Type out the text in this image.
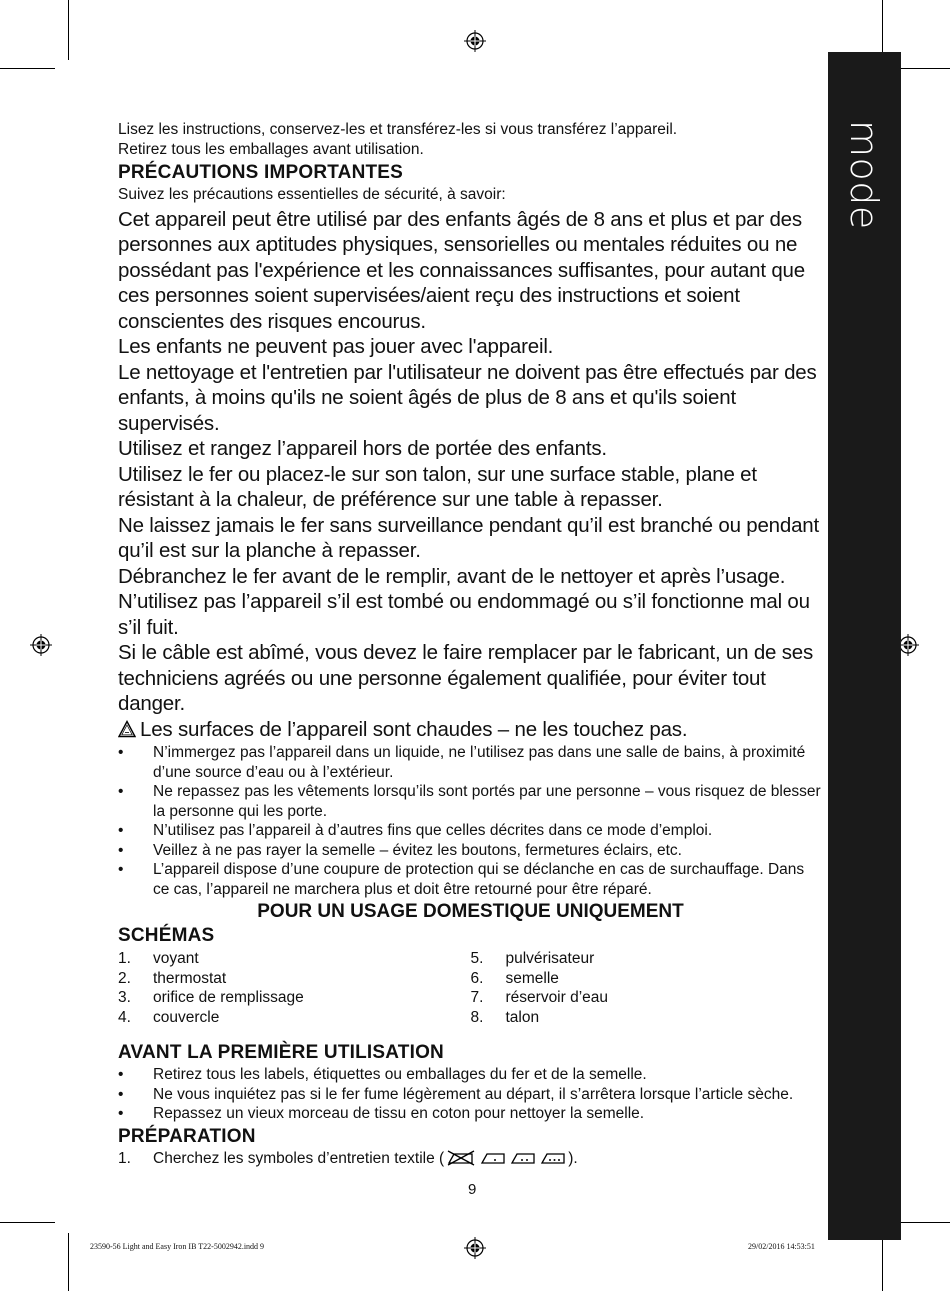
mode d’emploi
Lisez les instructions, conservez-les et transférez-les si vous transférez l’appareil.
Retirez tous les emballages avant utilisation.
PRÉCAUTIONS IMPORTANTES
Suivez les précautions essentielles de sécurité, à savoir:
Cet appareil peut être utilisé par des enfants âgés de 8 ans et plus et par des personnes aux aptitudes physiques, sensorielles ou mentales réduites ou ne possédant pas l'expérience et les connaissances suffisantes, pour autant que ces personnes soient supervisées/aient reçu des instructions et soient conscientes des risques encourus.
Les enfants ne peuvent pas jouer avec l'appareil.
Le nettoyage et l'entretien par l'utilisateur ne doivent pas être effectués par des enfants, à moins qu'ils ne soient âgés de plus de 8 ans et qu'ils soient supervisés.
Utilisez et rangez l’appareil hors de portée des enfants.
Utilisez le fer ou placez-le sur son talon, sur une surface stable, plane et résistant à la chaleur, de préférence sur une table à repasser.
Ne laissez jamais le fer sans surveillance pendant qu’il est branché ou pendant qu’il est sur la planche à repasser.
Débranchez le fer avant de le remplir, avant de le nettoyer et après l’usage.
N’utilisez pas l’appareil s’il est tombé ou endommagé ou s’il fonctionne mal ou s’il fuit.
Si le câble est abîmé, vous devez le faire remplacer par le fabricant, un de ses techniciens agréés ou une personne également qualifiée, pour éviter tout danger.
Les surfaces de l’appareil sont chaudes – ne les touchez pas.
• N’immergez pas l’appareil dans un liquide, ne l’utilisez pas dans une salle de bains, à proximité d’une source d’eau ou à l’extérieur.
• Ne repassez pas les vêtements lorsqu’ils sont portés par une personne – vous risquez de blesser la personne qui les porte.
• N’utilisez pas l’appareil à d’autres fins que celles décrites dans ce mode d’emploi.
• Veillez à ne pas rayer la semelle – évitez les boutons, fermetures éclairs, etc.
• L’appareil dispose d’une coupure de protection qui se déclanche en cas de surchauffage. Dans ce cas, l’appareil ne marchera plus et doit être retourné pour être réparé.
POUR UN USAGE DOMESTIQUE UNIQUEMENT
SCHÉMAS
1.	voyant
2.	thermostat
3.	orifice de remplissage
4.	couvercle
5.	pulvérisateur
6.	semelle
7.	réservoir d’eau
8.	talon
AVANT LA PREMIÈRE UTILISATION
• Retirez tous les labels, étiquettes ou emballages du fer et de la semelle.
• Ne vous inquiétez pas si le fer fume légèrement au départ, il s’arrêtera lorsque l’article sèche.
• Repassez un vieux morceau de tissu en coton pour nettoyer la semelle.
PRÉPARATION
1.	Cherchez les symboles d’entretien textile (	).
9
23590-56 Light and Easy Iron IB T22-5002942.indd 9	29/02/2016 14:53:51
